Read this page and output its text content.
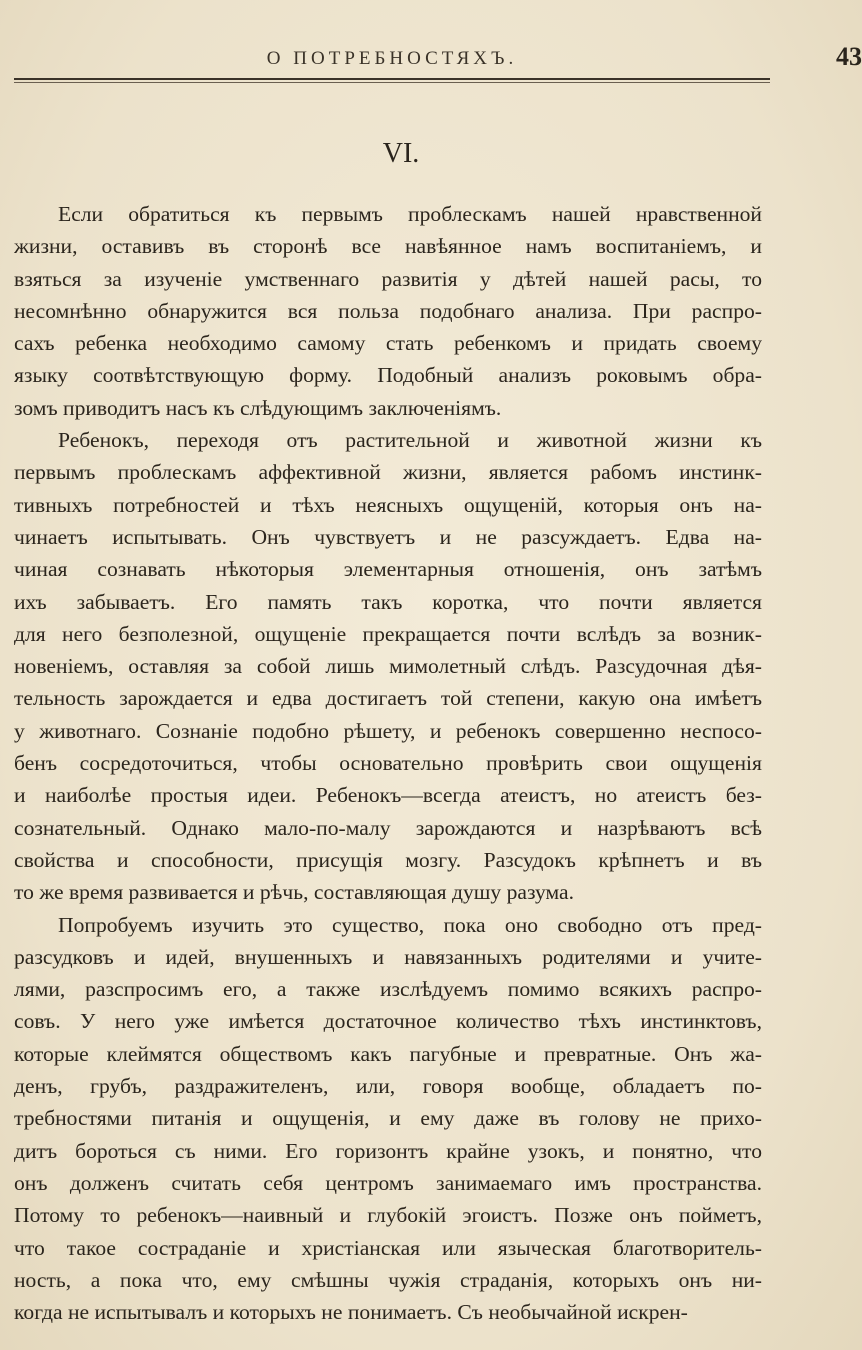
О ПОТРЕБНОСТЯХЪ.	43
VI.
Если обратиться къ первымъ проблескамъ нашей нравственной
жизни, оставивъ въ сторонѣ все навѣянное намъ воспитаніемъ, и
взяться за изученіе умственнаго развитія у дѣтей нашей расы, то
несомнѣнно обнаружится вся польза подобнаго анализа. При распро-
сахъ ребенка необходимо самому стать ребенкомъ и придать своему
языку соотвѣтствующую форму. Подобный анализъ роковымъ обра-
зомъ приводитъ насъ къ слѣдующимъ заключеніямъ.
Ребенокъ, переходя отъ растительной и животной жизни къ
первымъ проблескамъ аффективной жизни, является рабомъ инстинк-
тивныхъ потребностей и тѣхъ неясныхъ ощущеній, которыя онъ на-
чинаетъ испытывать. Онъ чувствуетъ и не разсуждаетъ. Едва на-
чиная сознавать нѣкоторыя элементарныя отношенія, онъ затѣмъ
ихъ забываетъ. Его память такъ коротка, что почти является
для него безполезной, ощущеніе прекращается почти вслѣдъ за возник-
новеніемъ, оставляя за собой лишь мимолетный слѣдъ. Разсудочная дѣя-
тельность зарождается и едва достигаетъ той степени, какую она имѣетъ
у животнаго. Сознаніе подобно рѣшету, и ребенокъ совершенно неспосо-
бенъ сосредоточиться, чтобы основательно провѣрить свои ощущенія
и наиболѣе простыя идеи. Ребенокъ—всегда атеистъ, но атеистъ без-
сознательный. Однако мало-по-малу зарождаются и назрѣваютъ всѣ
свойства и способности, присущія мозгу. Разсудокъ крѣпнетъ и въ
то же время развивается и рѣчь, составляющая душу разума.
Попробуемъ изучить это существо, пока оно свободно отъ пред-
разсудковъ и идей, внушенныхъ и навязанныхъ родителями и учите-
лями, разспросимъ его, а также изслѣдуемъ помимо всякихъ распро-
совъ. У него уже имѣется достаточное количество тѣхъ инстинктовъ,
которые клеймятся обществомъ какъ пагубные и превратные. Онъ жа-
денъ, грубъ, раздражителенъ, или, говоря вообще, обладаетъ по-
требностями питанія и ощущенія, и ему даже въ голову не прихо-
дитъ бороться съ ними. Его горизонтъ крайне узокъ, и понятно, что
онъ долженъ считать себя центромъ занимаемаго имъ пространства.
Потому то ребенокъ—наивный и глубокій эгоистъ. Позже онъ пойметъ,
что такое состраданіе и христіанская или языческая благотворитель-
ность, а пока что, ему смѣшны чужія страданія, которыхъ онъ ни-
когда не испытывалъ и которыхъ не понимаетъ. Съ необычайной искрен-
